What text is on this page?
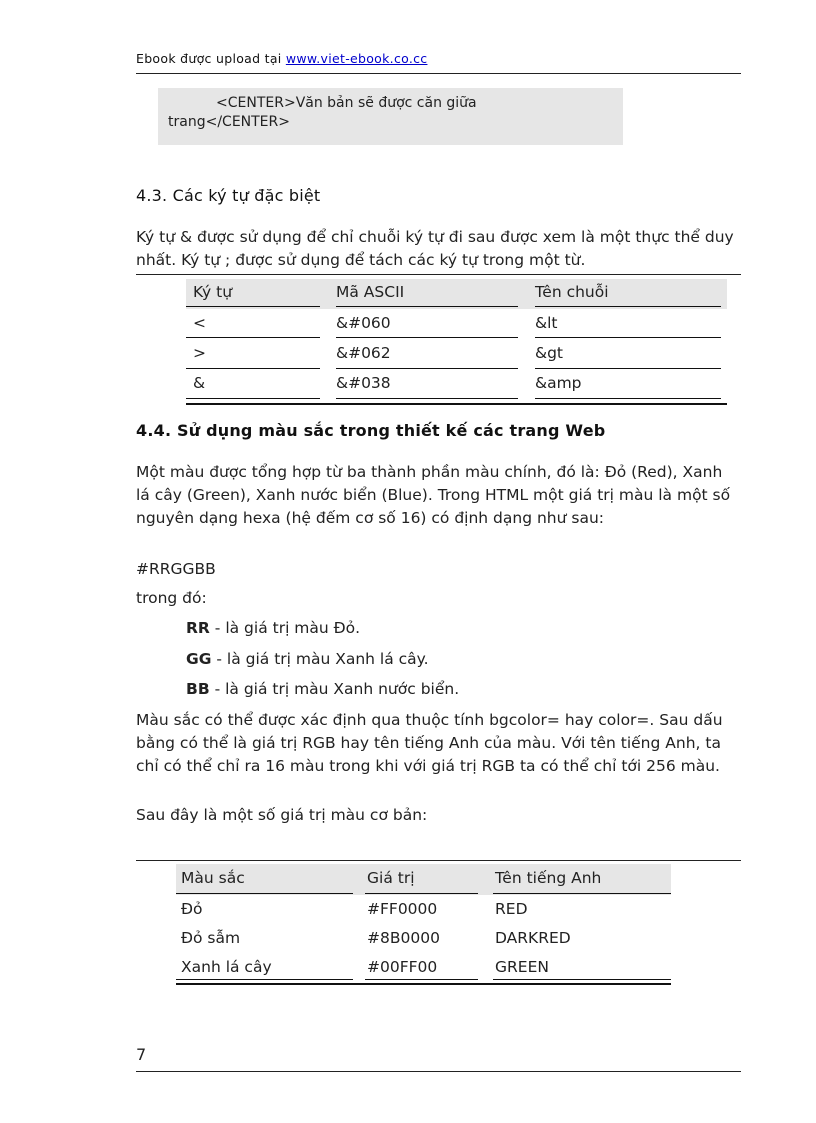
Ebook được upload tại www.viet-ebook.co.cc
<CENTER>Văn bản sẽ được căn giữa
trang</CENTER>
4.3. Các ký tự đặc biệt
Ký tự & được sử dụng để chỉ chuỗi ký tự đi sau được xem là một thực thể duy nhất. Ký tự ; được sử dụng để tách các ký tự trong một từ.
Ký tự	Mã ASCII	Tên chuỗi
<	&#060	&lt
>	&#062	&gt
&	&#038	&amp
4.4. Sử dụng màu sắc trong thiết kế các trang Web
Một màu được tổng hợp từ ba thành phần màu chính, đó là: Đỏ (Red), Xanh lá cây (Green), Xanh nước biển (Blue). Trong HTML một giá trị màu là một số nguyên dạng hexa (hệ đếm cơ số 16) có định dạng như sau:
#RRGGBB
trong đó:
RR - là giá trị màu Đỏ.
GG - là giá trị màu Xanh lá cây.
BB - là giá trị màu Xanh nước biển.
Màu sắc có thể được xác định qua thuộc tính bgcolor= hay color=. Sau dấu bằng có thể là giá trị RGB hay tên tiếng Anh của màu. Với tên tiếng Anh, ta chỉ có thể chỉ ra 16 màu trong khi với giá trị RGB ta có thể chỉ tới 256 màu.
Sau đây là một số giá trị màu cơ bản:
Màu sắc	Giá trị	Tên tiếng Anh
Đỏ	#FF0000	RED
Đỏ sẫm	#8B0000	DARKRED
Xanh lá cây	#00FF00	GREEN
7
